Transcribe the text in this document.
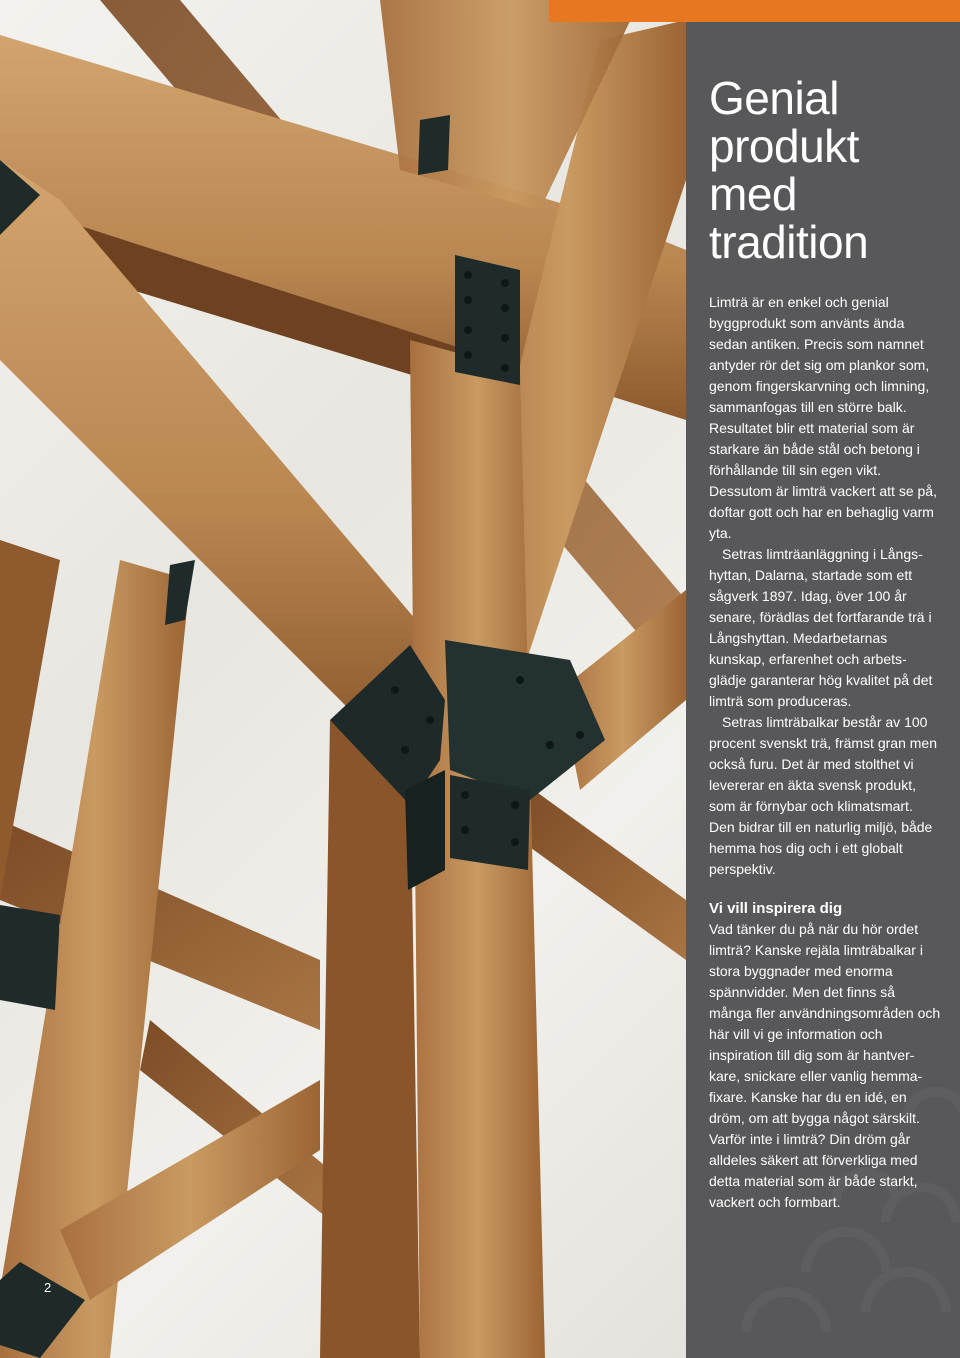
Genial
produkt
med
tradition

Limträ är en enkel och genial byggprodukt som använts ända sedan antiken. Precis som namnet antyder rör det sig om plankor som, genom fingerskarvning och limning, sammanfogas till en större balk. Resultatet blir ett material som är starkare än både stål och betong i förhållande till sin egen vikt. Dessutom är limträ vackert att se på, doftar gott och har en behaglig varm yta.

Setras limträanläggning i Långs-hyttan, Dalarna, startade som ett sågverk 1897. Idag, över 100 år senare, förädlas det fortfarande trä i Långshyttan. Medarbetarnas kunskap, erfarenhet och arbets-glädje garanterar hög kvalitet på det limträ som produceras.

Setras limträbalkar består av 100 procent svenskt trä, främst gran men också furu. Det är med stolthet vi levererar en äkta svensk produkt, som är förnybar och klimatsmart. Den bidrar till en naturlig miljö, både hemma hos dig och i ett globalt perspektiv.

Vi vill inspirera dig

Vad tänker du på när du hör ordet limträ? Kanske rejäla limträbalkar i stora byggnader med enorma spännvidder. Men det finns så många fler användningsområden och här vill vi ge information och inspiration till dig som är hantver-kare, snickare eller vanlig hemma-fixare. Kanske har du en idé, en dröm, om att bygga något särskilt. Varför inte i limträ? Din dröm går alldeles säkert att förverkliga med detta material som är både starkt, vackert och formbart.

2
